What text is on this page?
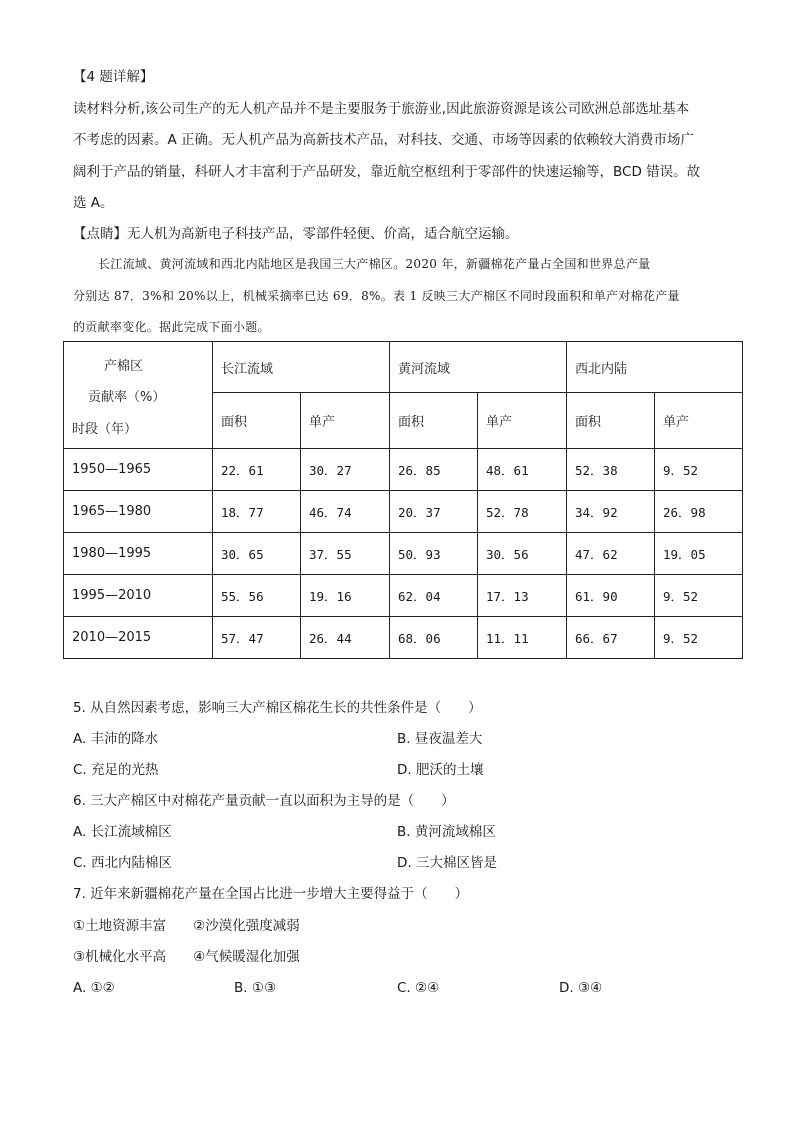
【4 题详解】
读材料分析,该公司生产的无人机产品并不是主要服务于旅游业,因此旅游资源是该公司欧洲总部选址基本
不考虑的因素。A 正确。无人机产品为高新技术产品，对科技、交通、市场等因素的依赖较大消费市场广
阔利于产品的销量，科研人才丰富利于产品研发，靠近航空枢纽利于零部件的快速运输等，BCD 错误。故
选 A。
【点睛】无人机为高新电子科技产品，零部件轻便、价高，适合航空运输。
长江流域、黄河流域和西北内陆地区是我国三大产棉区。2020 年，新疆棉花产量占全国和世界总产量
分别达 87．3%和 20%以上，机械采摘率已达 69．8%。表 1 反映三大产棉区不同时段面积和单产对棉花产量
的贡献率变化。据此完成下面小题。
产棉区
贡献率（%）
时段（年）	长江流域		黄河流域		西北内陆	
	面积	单产	面积	单产	面积	单产
1950—1965	22．61	30．27	26．85	48．61	52．38	9．52
1965—1980	18．77	46．74	20．37	52．78	34．92	26．98
1980—1995	30．65	37．55	50．93	30．56	47．62	19．05
1995—2010	55．56	19．16	62．04	17．13	61．90	9．52
2010—2015	57．47	26．44	68．06	11．11	66．67	9．52
5. 从自然因素考虑，影响三大产棉区棉花生长的共性条件是（　　）
A. 丰沛的降水	B. 昼夜温差大
C. 充足的光热	D. 肥沃的土壤
6. 三大产棉区中对棉花产量贡献一直以面积为主导的是（　　）
A. 长江流域棉区	B. 黄河流域棉区
C. 西北内陆棉区	D. 三大棉区皆是
7. 近年来新疆棉花产量在全国占比进一步增大主要得益于（　　）
①土地资源丰富　　②沙漠化强度减弱
③机械化水平高　　④气候暖湿化加强
A. ①②	B. ①③	C. ②④	D. ③④
